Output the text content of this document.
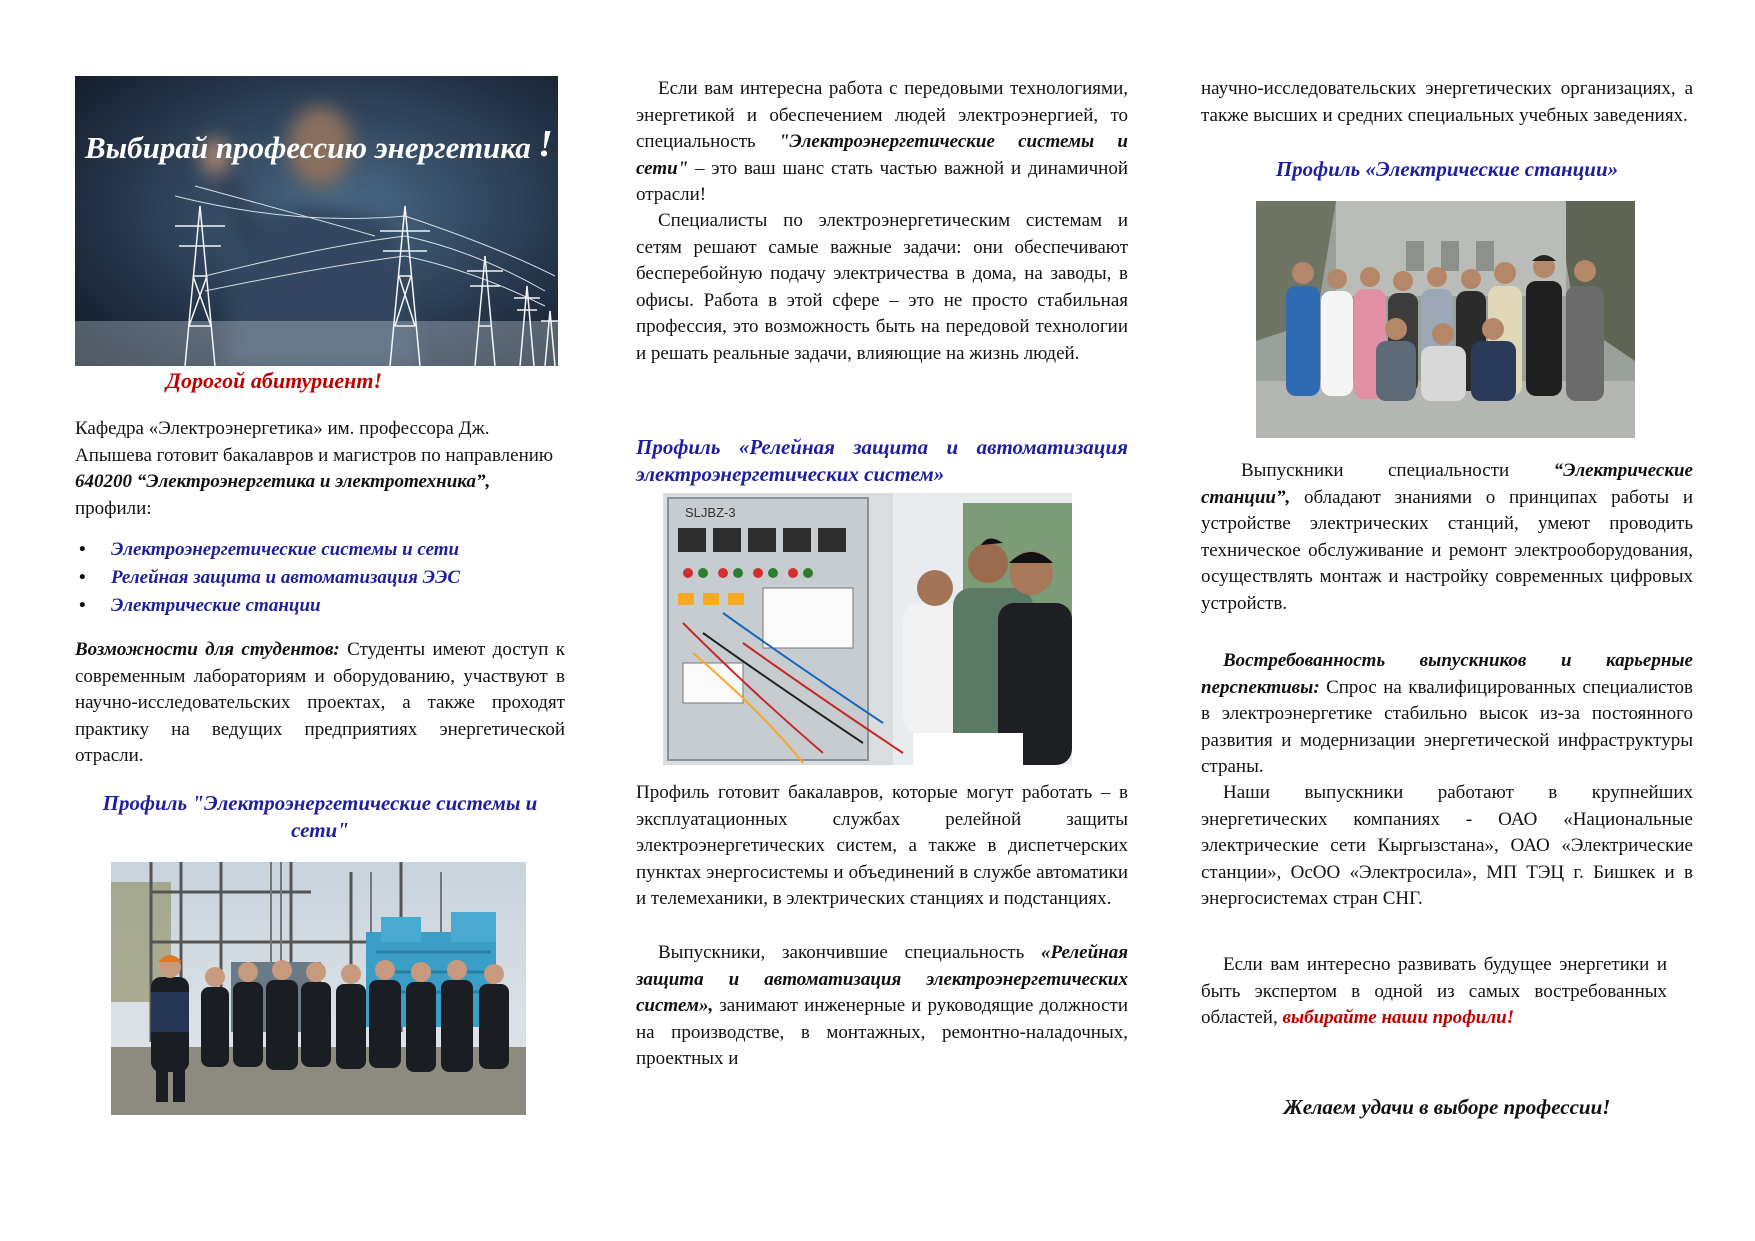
Выбирай профессию энергетика !
Дорогой абитуриент!
Кафедра «Электроэнергетика» им. профессора Дж. Апышева готовит бакалавров и магистров по направлению 640200 “Электроэнергетика и электротехника”, профили:
• Электроэнергетические системы и сети
• Релейная защита и автоматизация ЭЭС
• Электрические станции
Возможности для студентов: Студенты имеют доступ к современным лабораториям и оборудованию, участвуют в научно-исследовательских проектах, а также проходят практику на ведущих предприятиях энергетической отрасли.
Профиль "Электроэнергетические системы и сети"
Если вам интересна работа с передовыми технологиями, энергетикой и обеспечением людей электроэнергией, то специальность "Электроэнергетические системы и сети" – это ваш шанс стать частью важной и динамичной отрасли!
Специалисты по электроэнергетическим системам и сетям решают самые важные задачи: они обеспечивают бесперебойную подачу электричества в дома, на заводы, в офисы. Работа в этой сфере – это не просто стабильная профессия, это возможность быть на передовой технологии и решать реальные задачи, влияющие на жизнь людей.
Профиль «Релейная защита и автоматизация электроэнергетических систем»
SLJBZ-3
Профиль готовит бакалавров, которые могут работать – в эксплуатационных службах релейной защиты электроэнергетических систем, а также в диспетчерских пунктах энергосистемы и объединений в службе автоматики и телемеханики, в электрических станциях и подстанциях.
Выпускники, закончившие специальность «Релейная защита и автоматизация электроэнергетических систем», занимают инженерные и руководящие должности на производстве, в монтажных, ремонтно-наладочных, проектных и
научно-исследовательских энергетических организациях, а также высших и средних специальных учебных заведениях.
Профиль «Электрические станции»
Выпускники специальности “Электрические станции”, обладают знаниями о принципах работы и устройстве электрических станций, умеют проводить техническое обслуживание и ремонт электрооборудования, осуществлять монтаж и настройку современных цифровых устройств.
Востребованность выпускников и карьерные перспективы: Спрос на квалифицированных специалистов в электроэнергетике стабильно высок из-за постоянного развития и модернизации энергетической инфраструктуры страны.
Наши выпускники работают в крупнейших энергетических компаниях - ОАО «Национальные электрические сети Кыргызстана», ОАО «Электрические станции», ОсОО «Электросила», МП ТЭЦ г. Бишкек и в энергосистемах стран СНГ.
Если вам интересно развивать будущее энергетики и быть экспертом в одной из самых востребованных областей, выбирайте наши профили!
Желаем удачи в выборе профессии!
